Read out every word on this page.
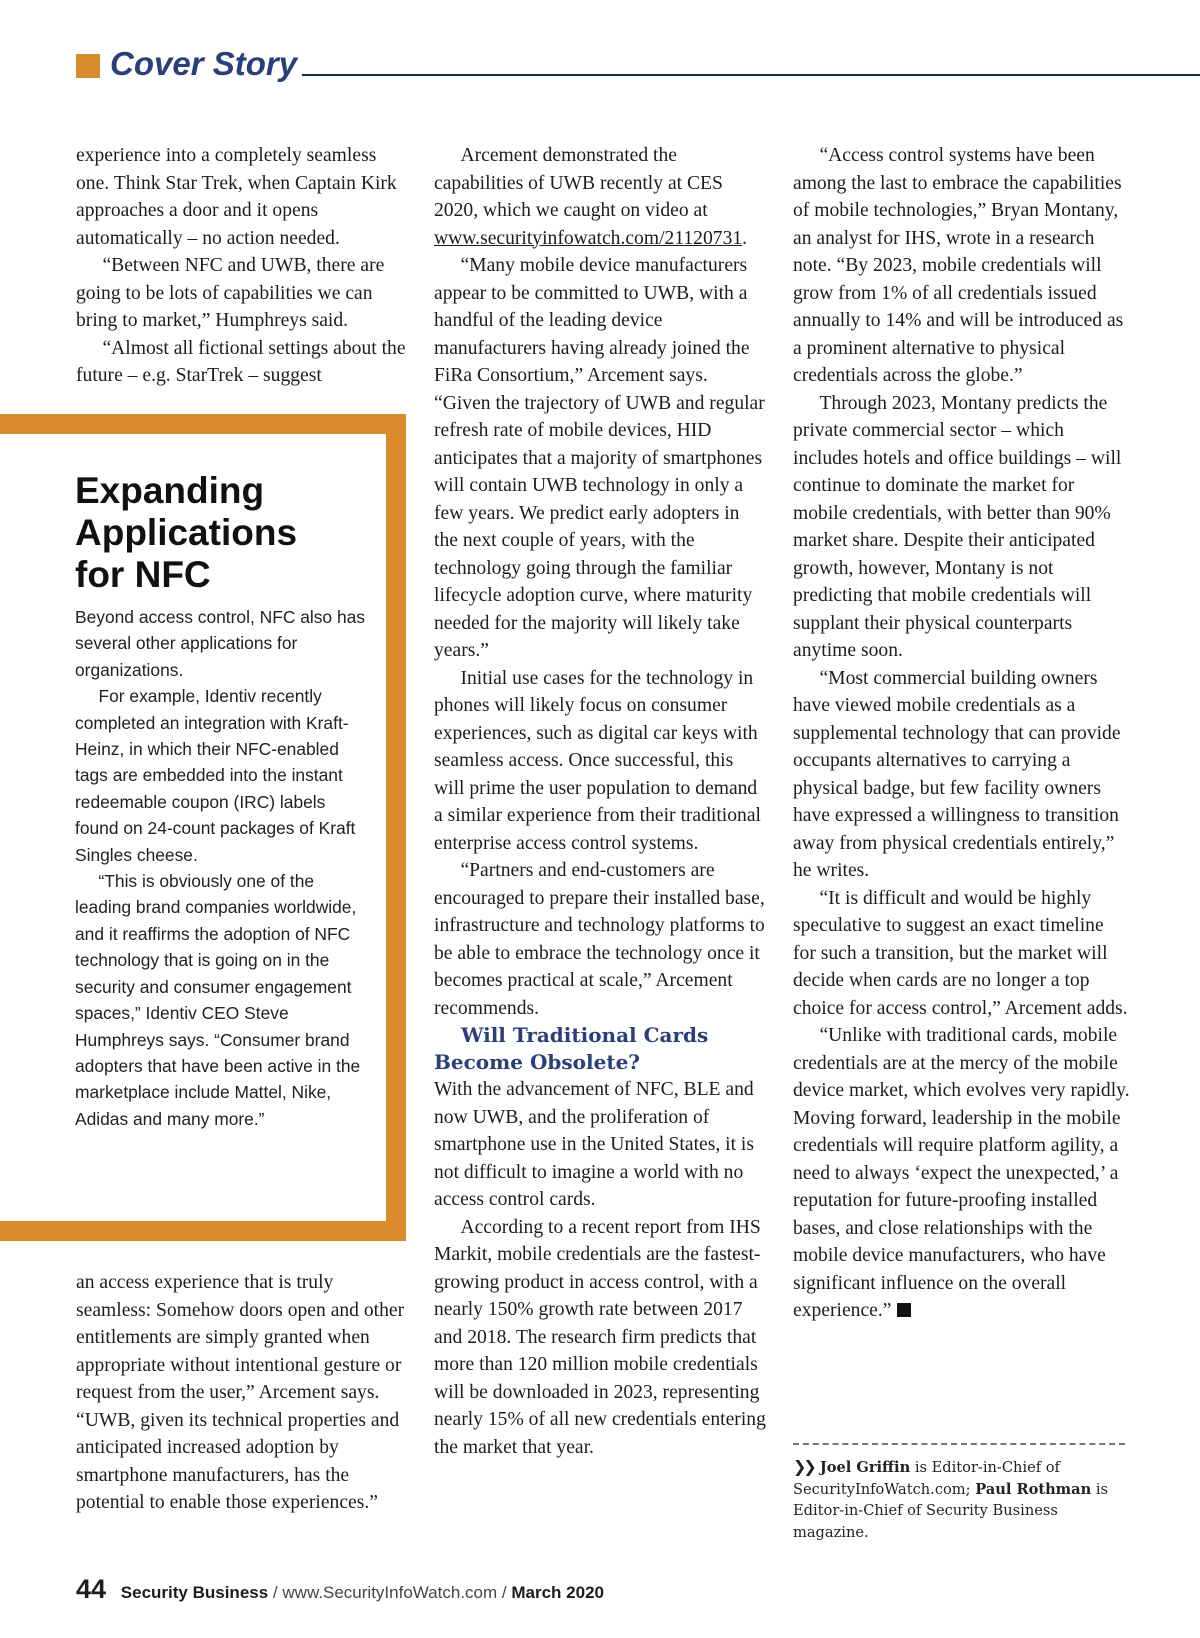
Cover Story

experience into a completely seamless one. Think Star Trek, when Captain Kirk approaches a door and it opens automatically – no action needed.

“Between NFC and UWB, there are going to be lots of capabilities we can bring to market,” Humphreys said.

“Almost all fictional settings about the future – e.g. StarTrek – suggest

Expanding
Applications
for NFC

Beyond access control, NFC also has several other applications for organizations.

For example, Identiv recently completed an integration with Kraft-Heinz, in which their NFC-enabled tags are embedded into the instant redeemable coupon (IRC) labels found on 24-count packages of Kraft Singles cheese.

“This is obviously one of the leading brand companies worldwide, and it reaffirms the adoption of NFC technology that is going on in the security and consumer engagement spaces,” Identiv CEO Steve Humphreys says. “Consumer brand adopters that have been active in the marketplace include Mattel, Nike, Adidas and many more.”

an access experience that is truly seamless: Somehow doors open and other entitlements are simply granted when appropriate without intentional gesture or request from the user,” Arcement says. “UWB, given its technical properties and anticipated increased adoption by smartphone manufacturers, has the potential to enable those experiences.”

Arcement demonstrated the capabilities of UWB recently at CES 2020, which we caught on video at www.securityinfowatch.com/21120731.

“Many mobile device manufacturers appear to be committed to UWB, with a handful of the leading device manufacturers having already joined the FiRa Consortium,” Arcement says. “Given the trajectory of UWB and regular refresh rate of mobile devices, HID anticipates that a majority of smartphones will contain UWB technology in only a few years. We predict early adopters in the next couple of years, with the technology going through the familiar lifecycle adoption curve, where maturity needed for the majority will likely take years.”

Initial use cases for the technology in phones will likely focus on consumer experiences, such as digital car keys with seamless access. Once successful, this will prime the user population to demand a similar experience from their traditional enterprise access control systems.

“Partners and end-customers are encouraged to prepare their installed base, infrastructure and technology platforms to be able to embrace the technology once it becomes practical at scale,” Arcement recommends.

Will Traditional Cards Become Obsolete?

With the advancement of NFC, BLE and now UWB, and the proliferation of smartphone use in the United States, it is not difficult to imagine a world with no access control cards.

According to a recent report from IHS Markit, mobile credentials are the fastest-growing product in access control, with a nearly 150% growth rate between 2017 and 2018. The research firm predicts that more than 120 million mobile credentials will be downloaded in 2023, representing nearly 15% of all new credentials entering the market that year.

“Access control systems have been among the last to embrace the capabilities of mobile technologies,” Bryan Montany, an analyst for IHS, wrote in a research note. “By 2023, mobile credentials will grow from 1% of all credentials issued annually to 14% and will be introduced as a prominent alternative to physical credentials across the globe.”

Through 2023, Montany predicts the private commercial sector – which includes hotels and office buildings – will continue to dominate the market for mobile credentials, with better than 90% market share. Despite their anticipated growth, however, Montany is not predicting that mobile credentials will supplant their physical counterparts anytime soon.

“Most commercial building owners have viewed mobile credentials as a supplemental technology that can provide occupants alternatives to carrying a physical badge, but few facility owners have expressed a willingness to transition away from physical credentials entirely,” he writes.

“It is difficult and would be highly speculative to suggest an exact timeline for such a transition, but the market will decide when cards are no longer a top choice for access control,” Arcement adds.

“Unlike with traditional cards, mobile credentials are at the mercy of the mobile device market, which evolves very rapidly. Moving forward, leadership in the mobile credentials will require platform agility, a need to always ‘expect the unexpected,’ a reputation for future-proofing installed bases, and close relationships with the mobile device manufacturers, who have significant influence on the overall experience.”

❯❯ Joel Griffin is Editor-in-Chief of SecurityInfoWatch.com; Paul Rothman is Editor-in-Chief of Security Business magazine.
44 Security Business / www.SecurityInfoWatch.com / March 2020
